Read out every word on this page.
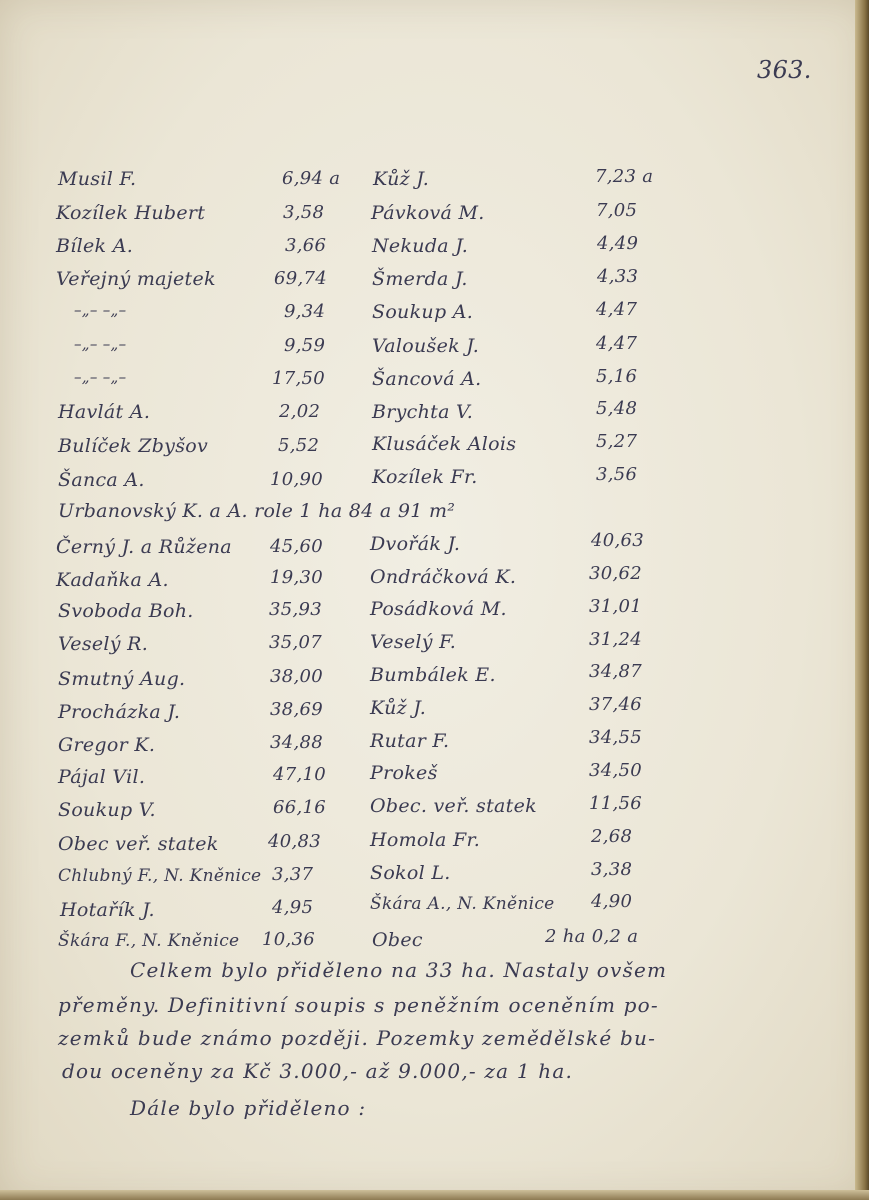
363.
Musil F.	6,94 a Kůž J.	7,23 a
Kozílek Hubert	3,58 Pávková M.	7,05
Bílek A.	3,66 Nekuda J.	4,49
Veřejný majetek	69,74 Šmerda J.	4,33
–„– –„–	9,34 Soukup A.	4,47
–„– –„–	9,59 Valoušek J.	4,47
–„– –„–	17,50 Šancová A.	5,16
Havlát A.	2,02	Brychta V.	5,48
Bulíček Zbyšov	5,52	Klusáček Alois	5,27
Šanca A.	10,90	Kozílek Fr.	3,56
Urbanovský K. a A. role 1 ha 84 a 91 m²
Černý J. a Růžena 45,60 Dvořák J.	40,63
Kadaňka A.	19,30 Ondráčková K.	30,62
Svoboda Boh.	35,93	Posádková M.	31,01
Veselý R.	35,07	Veselý F.	31,24
Smutný Aug.	38,00 Bumbálek E.	34,87
Procházka J.	38,69 Kůž J.	37,46
Gregor K.	34,88 Rutar F.	34,55
Pájal Vil.	47,10 Prokeš	34,50
Soukup V.	66,16 Obec. veř. statek	11,56
Obec veř. statek	40,83	Homola Fr.	2,68
Chlubný F., N. Kněnice 3,37	Sokol L.	3,38
Hotařík J.	4,95	Škára A., N. Kněnice 4,90
Škára F., N. Kněnice 10,36	Obec	2 ha 0,2 a
Celkem bylo přiděleno na 33 ha. Nastaly ovšem
přeměny. Definitivní soupis s peněžním oceněním po-
zemků bude známo později. Pozemky zemědělské bu-
dou oceněny za Kč 3.000,- až 9.000,- za 1 ha.
Dále bylo přiděleno :
